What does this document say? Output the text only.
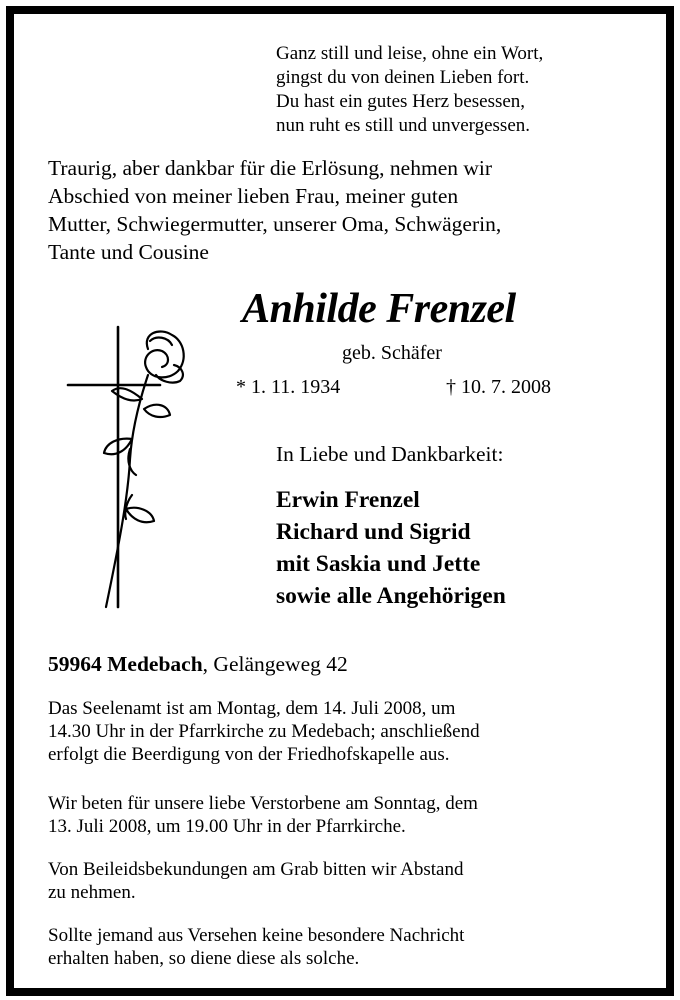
Ganz still und leise, ohne ein Wort,
gingst du von deinen Lieben fort.
Du hast ein gutes Herz besessen,
nun ruht es still und unvergessen.
Traurig, aber dankbar für die Erlösung, nehmen wir
Abschied von meiner lieben Frau, meiner guten
Mutter, Schwiegermutter, unserer Oma, Schwägerin,
Tante und Cousine
Anhilde Frenzel
geb. Schäfer
* 1. 11. 1934	† 10. 7. 2008
In Liebe und Dankbarkeit:
Erwin Frenzel
Richard und Sigrid
mit Saskia und Jette
sowie alle Angehörigen
59964 Medebach, Gelängeweg 42
Das Seelenamt ist am Montag, dem 14. Juli 2008, um
14.30 Uhr in der Pfarrkirche zu Medebach; anschließend
erfolgt die Beerdigung von der Friedhofskapelle aus.
Wir beten für unsere liebe Verstorbene am Sonntag, dem
13. Juli 2008, um 19.00 Uhr in der Pfarrkirche.
Von Beileidsbekundungen am Grab bitten wir Abstand
zu nehmen.
Sollte jemand aus Versehen keine besondere Nachricht
erhalten haben, so diene diese als solche.
